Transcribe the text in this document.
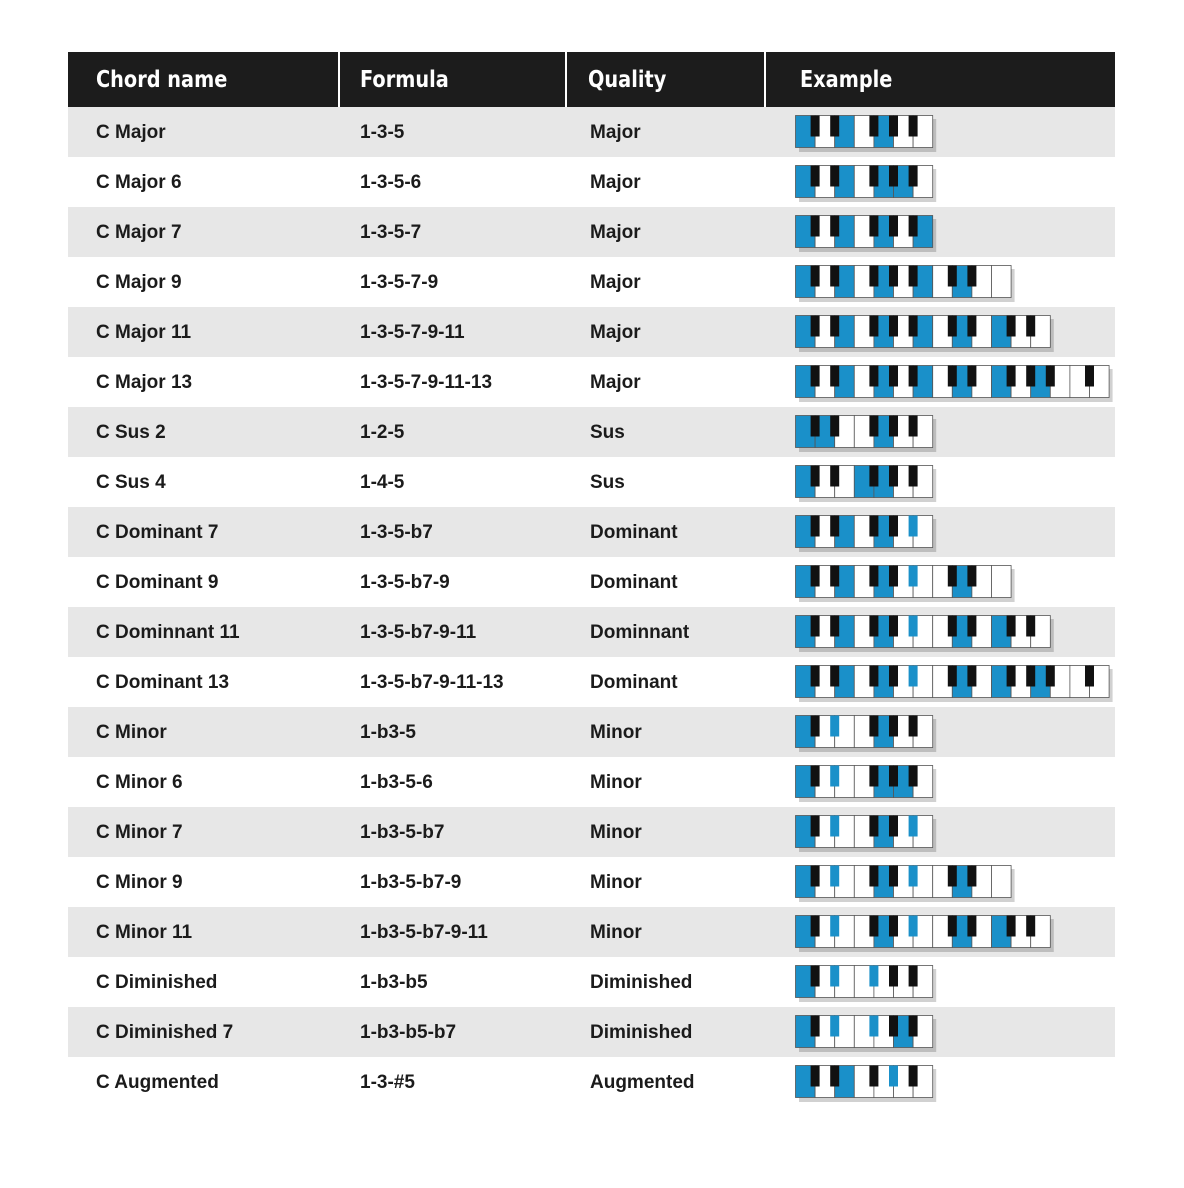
Chord name	Formula	Quality	Example
C Major	1-3-5	Major
C Major 6	1-3-5-6	Major
C Major 7	1-3-5-7	Major
C Major 9	1-3-5-7-9	Major
C Major 11	1-3-5-7-9-11	Major
C Major 13	1-3-5-7-9-11-13	Major
C Sus 2	1-2-5	Sus
C Sus 4	1-4-5	Sus
C Dominant 7	1-3-5-b7	Dominant
C Dominant 9	1-3-5-b7-9	Dominant
C Dominnant 11	1-3-5-b7-9-11	Dominnant
C Dominant 13	1-3-5-b7-9-11-13	Dominant
C Minor	1-b3-5	Minor
C Minor 6	1-b3-5-6	Minor
C Minor 7	1-b3-5-b7	Minor
C Minor 9	1-b3-5-b7-9	Minor
C Minor 11	1-b3-5-b7-9-11	Minor
C Diminished	1-b3-b5	Diminished
C Diminished 7	1-b3-b5-b7	Diminished
C Augmented	1-3-#5	Augmented
